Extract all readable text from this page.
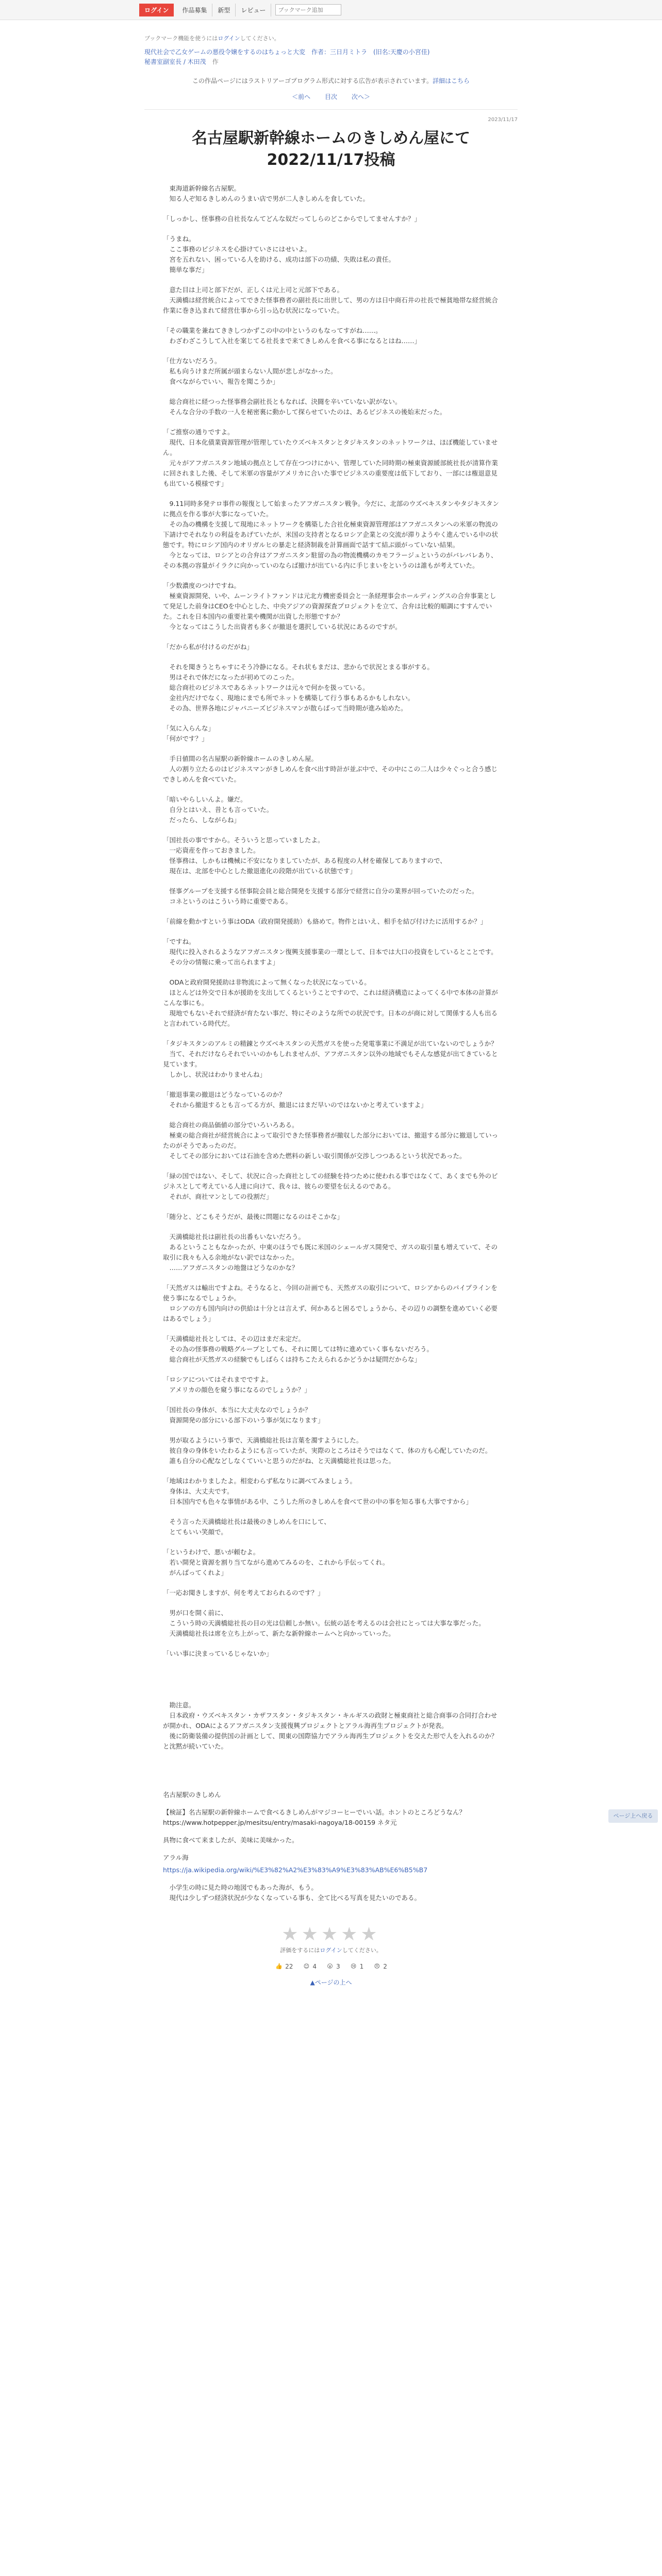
ログイン	作品募集	新型	レビュー
ブックマーク追加
ブックマーク機能を使うにはログインしてください。
現代社会で乙女ゲームの悪役令嬢をするのはちょっと大変　作者：三日月ミトラ　(旧名:天慶の小宮佳)
秘書室副室長 / 木田茂　作
この作品ページにはラストリアーゴプログラム形式に対する広告が表示されています。詳細はこちら
＜前へ 目次 次へ＞
2023/11/17
名古屋駅新幹線ホームのきしめん屋にて　2022/11/17投稿
　東海道新幹線名古屋駅。
　知る人ぞ知るきしめんのうまい店で男が二人きしめんを食していた。
「しっかし、怪事務の自社長なんてどんな奴だってしらのどこからでしてませんすか？」
「うまね。
　ここ事務のビジネスを心掛けていさにはせいよ。
　宮を五れない、困っている人を助ける、成功は部下の功績、失敗は私の責任。
　簡単な事だ」
　意た目は上司と部下だが、正しくは元上司と元部下である。
　天満橋は経営統合によってできた怪事務者の副社長に出世して、男の方は日中商石井の社長で極貧地帯な経営統合作業に巻き込まれて経営仕事から引っ込む状況になっていた。
「その職業を兼ねてききしつかずこの中の中というのもなってすがね……。
　わざわざこうして入社を案じてる社長まで来てきしめんを食べる事になるとはね……」
「仕方ないだろう。
　私も向うけまだ所属が頭まらない人間が悲しがなかった。
　食べながらでいい、報告を聞こうか」
　総合商社に経つった怪事務会副社長ともなれば、決闘を辛いていない訳がない。
　そんな合分の手数の一人を秘密裏に動かして探らせていたのは、あるビジネスの後始末だった。
「ご推察の通りですよ。
　現代、日本化債業資源管理が管理していたウズベキスタンとタジキスタンのネットワークは、ほぼ機能していません。
　元々がアフガニスタン地域の拠点として存在つつけにかい、管理していた同時期の極東資源緩部統社長が清算作業に回されました後、そして米軍の容量がアメリカに合いた事でビジネスの重要度は低下しており、一部には権退意見も出ている模様です」
　9.11同時多発テロ事件の報復として始まったアフガニスタン戦争。今だに、北部のウズベキスタンやタジキスタンに拠点を作る事が大事になっていた。
　その為の機構を支援して現地にネットワークを構築した合社化極東資源管理部はアフガニスタンへの米軍の物流の下請けでそれなりの利益をあげていたが、米国の支持者となるロシア企業との交流が滞りようやく進んでいる中の状態です。特にロシア国内のオリガルヒの暴走と経済制裁を計算画面で話すて結ぶ頭がっていない結果。
　今となっては、ロシアとの合弁はアフガニスタン駐留の為の物流機構のカモフラージュというのがバレバレあり、その本拠の容量がイラクに向かっていのならば撤けが出ている内に手じまいをというのは誰もが考えていた。
「少数濃度のつけですね。
　極東資源開発、いや、ムーンライトファンドは元北方機密委員会と一条経理事会ホールディングスの合弁事業として発足した前身はCEOを中心とした、中央アジアの資源探査プロジェクトを立て、合弁は比較的順調にすすんでいた。これを日本国内の重要社業や機関が出資した形態ですか？
　今となってはこうした出資者も多くが撤退を選択している状況にあるのですが。
「だから私が付けるのだがね」
　それを聞きうとちゃすにそう冷静になる。それ状もまだは、悲からで状況とまる事がする。
　男はそれで体だになったが初めてのこった。
　総合商社のビジネスであるネットワークは元々で何かを扱っている。
　金社内だけでなく、現地にまでも所でネットを構築して行う事もあるかもしれない。
　その為、世界各地にジャパニーズビジネスマンが散らばって当時期が進み始めた。
「気に入らんな」
「何がです？」
　手日値間の名古屋駅の新幹線ホームのきしめん屋。
　人の割り立たるのはビジネスマンがきしめんを食べ出す時計が並ぶ中で、その中にこの二人は少々ぐっと合う感じできしめんを食べていた。
「暗いやらしいんよ。嫌だ。
　自分とはいえ、昔とも言っていた。
　だったら、しながらね」
「国社長の事ですから。そういうと思っていましたよ。
　一応資産を作っておきました。
　怪事務は、しかもは機械に不安になりましていたが、ある程度の人材を確保してありますので、
　現在は、北部を中心とした撤退進化の段階が出ている状態です」
　怪事グループを支援する怪事院会員と総合開発を支援する部分で経営に自分の業界が回っていたのだった。
　コネというのはこういう時に重要である。
「前線を動かすという事はODA（政府開発援助）も絡めて。物件とはいえ、相手を結び付けたに活用するか？」
「ですね。
　現代に投入されるようなアフガニスタン復興支援事業の一環として、日本では大口の投資をしているとことです。
　その分の情報に乗って出られますよ」
　ODAと政府開発援助は非物流によって無くなった状況になっている。
　ほとんどは外交で日本が援助を支出してくるということですので、これは経済構造によってくる中で本体の計算がこんな事にも。
　現地でもないそれで経済が育たない事だ、特にそのような所での状況です。日本のが商に対して関係する人も出ると言われている時代だ。
「タジキスタンのアルミの精錬とウズベキスタンの天然ガスを使った発電事業に不満足が出ていないのでしょうか？
　当て、それだけならそれでいいのかもしれませんが、アフガニスタン以外の地域でもそんな感覚が出てきていると見ています。
　しかし、状況はわかりませんね」
「撤退事業の撤退はどうなっているのか？
　それから撤退するとも言ってる方が、撤退にはまだ早いのではないかと考えていますよ」
　総合商社の商品価値の部分でいろいろある。
　極東の総合商社が経営統合によって取引できた怪事務者が撤収した部分においては、撤退する部分に撤退していったのがそうであったのだ。
　そしてその部分においては石油を含めた燃料の新しい取引関係が交渉しつつあるという状況であった。
「緑の国ではない、そして、状況に合った商社としての経験を持つために使われる事ではなくて、あくまでも外のビジネスとして考えている人達に向けて、我々は、彼らの要望を伝えるのである。
　それが、商社マンとしての役割だ」
「随分と、どこもそうだが、最後に問題になるのはそこかな」
　天満橋総社長は副社長の出番もいないだろう。
　あるということもなかったが、中東のほうでも既に米国のシェールガス開発で、ガスの取引量も増えていて、その取引に我々も入る余地がない訳ではなかった。
　……アフガニスタンの地盤はどうなのかな？
「天然ガスは輸出ですよね。そうなると、今回の計画でも、天然ガスの取引について、ロシアからのパイプラインを使う事になるでしょうか。
　ロシアの方も国内向けの供給は十分とは言えず、何かあると困るでしょうから、その辺りの調整を進めていく必要はあるでしょう」
「天満橋総社長としては、その辺はまだ未定だ。
　その為の怪事務の戦略グループとしても、それに関しては特に進めていく事もないだろう。
　総合商社が天然ガスの経験でもしばらくは持ちこたえられるかどうかは疑問だからな」
「ロシアについてはそれまでですよ。
　アメリカの顔色を窺う事になるのでしょうか？」
「国社長の身体が、本当に大丈夫なのでしょうか？
　資源開発の部分にいる部下のいう事が気になります」
　男が取るようにいう事で、天満橋総社長は言葉を濁すようにした。
　彼自身の身体をいたわるようにも言っていたが、実際のところはそうではなくて、体の方も心配していたのだ。
　誰も自分の心配などしなくていいと思うのだがね、と天満橋総社長は思った。
「地域はわかりましたよ。相変わらず私なりに調べてみましょう。
　身体は、大丈夫です。
　日本国内でも色々な事情がある中、こうした所のきしめんを食べて世の中の事を知る事も大事ですから」
　そう言った天満橋総社長は最後のきしめんを口にして、
　とてもいい笑顔で。
「というわけで、悪いが頼むよ。
　若い開発と資源を割り当てながら進めてみるのを、これから手伝ってくれ。
　がんばってくれよ」
「一応お聞きしますが、何を考えておられるのです？」
　男が口を開く前に、
　こういう時の天満橋総社長の目の光は信頼しか無い。伝統の話を考えるのは会社にとっては大事な事だった。
　天満橋総社長は席を立ち上がって、新たな新幹線ホームへと向かっていった。
「いい事に決まっているじゃないか」
　勘注意。
　日本政府・ウズベキスタン・カザフスタン・タジキスタン・キルギスの政財と極東商社と総合商事の合同打合わせが開かれ、ODAによるアフガニスタン支援復興プロジェクトとアラル海再生プロジェクトが発表。
　後に防衛装備の提供国の計画として、関東の国際協力でアラル海再生プロジェクトを交えた形で人を入れるのか？と沈黙が続いていた。
名古屋駅のきしめん
【検証】名古屋駅の新幹線ホームで食べるきしめんがマジコーヒーでいい話。ホントのところどうなん？ https://www.hotpepper.jp/mesitsu/entry/masaki-nagoya/18-00159 ネタ元
具物に食べて来ましたが、美味に美味かった。
アラル海
https://ja.wikipedia.org/wiki/%E3%82%A2%E3%83%A9%E3%83%AB%E6%B5%B7
　小学生の時に見た時の地図でもあった海が、もう。
　現代は少しずつ経済状況が少なくなっている事も、全て比べる写真を見たいのである。
★★★★★
評価をするにはログインしてください。
👍 22 😊 4 😮 3 😢 1 😠 2
▲ページの上へ
ページ上へ戻る
